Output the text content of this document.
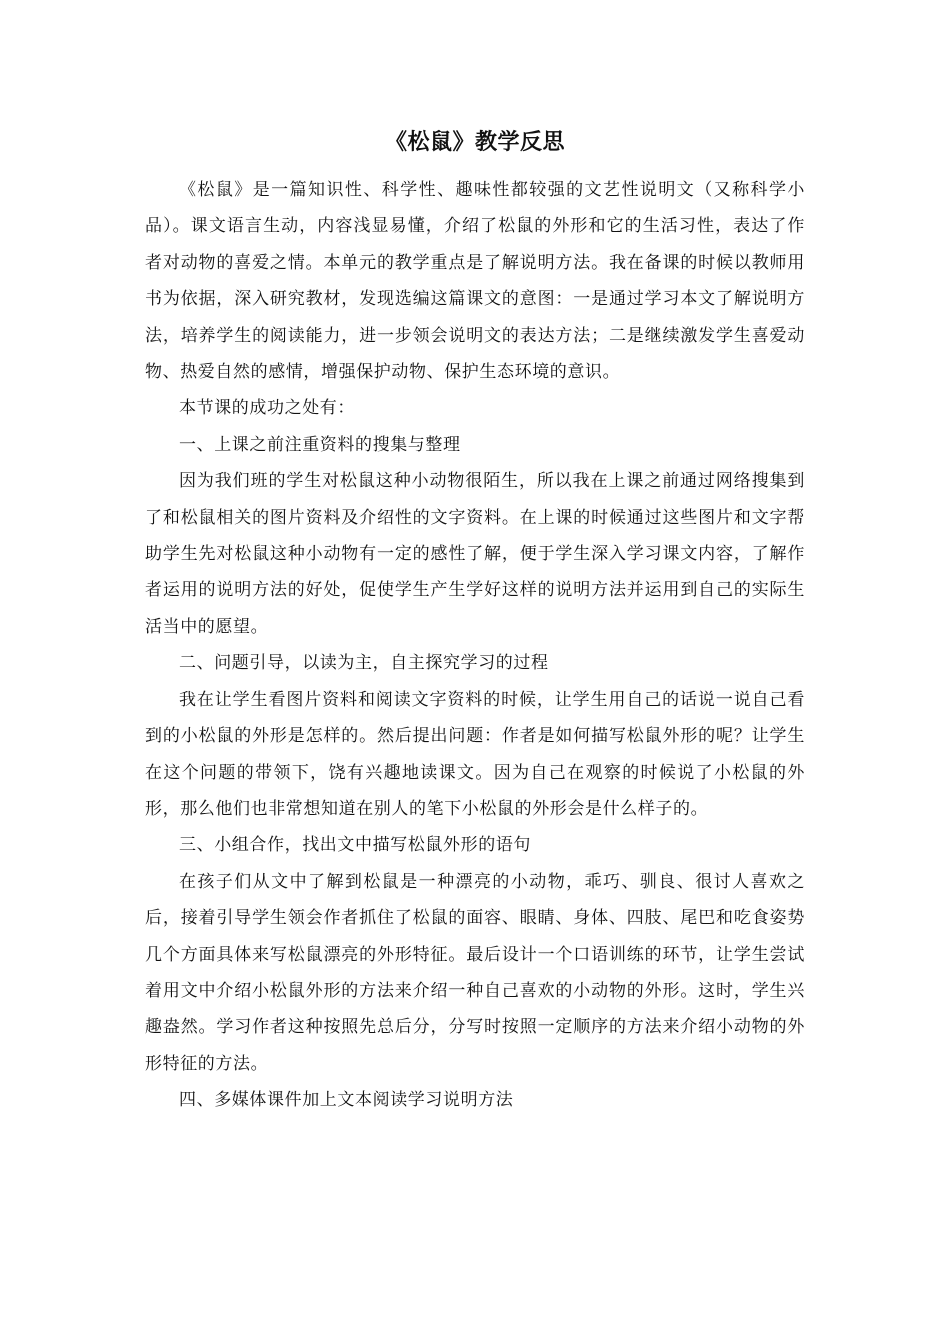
《松鼠》教学反思

《松鼠》是一篇知识性、科学性、趣味性都较强的文艺性说明文（又称科学小品）。课文语言生动，内容浅显易懂，介绍了松鼠的外形和它的生活习性，表达了作者对动物的喜爱之情。本单元的教学重点是了解说明方法。我在备课的时候以教师用书为依据，深入研究教材，发现选编这篇课文的意图：一是通过学习本文了解说明方法，培养学生的阅读能力，进一步领会说明文的表达方法；二是继续激发学生喜爱动物、热爱自然的感情，增强保护动物、保护生态环境的意识。

本节课的成功之处有：

一、上课之前注重资料的搜集与整理

因为我们班的学生对松鼠这种小动物很陌生，所以我在上课之前通过网络搜集到了和松鼠相关的图片资料及介绍性的文字资料。在上课的时候通过这些图片和文字帮助学生先对松鼠这种小动物有一定的感性了解，便于学生深入学习课文内容，了解作者运用的说明方法的好处，促使学生产生学好这样的说明方法并运用到自己的实际生活当中的愿望。

二、问题引导，以读为主，自主探究学习的过程

我在让学生看图片资料和阅读文字资料的时候，让学生用自己的话说一说自己看到的小松鼠的外形是怎样的。然后提出问题：作者是如何描写松鼠外形的呢？让学生在这个问题的带领下，饶有兴趣地读课文。因为自己在观察的时候说了小松鼠的外形，那么他们也非常想知道在别人的笔下小松鼠的外形会是什么样子的。

三、小组合作，找出文中描写松鼠外形的语句

在孩子们从文中了解到松鼠是一种漂亮的小动物，乖巧、驯良、很讨人喜欢之后，接着引导学生领会作者抓住了松鼠的面容、眼睛、身体、四肢、尾巴和吃食姿势几个方面具体来写松鼠漂亮的外形特征。最后设计一个口语训练的环节，让学生尝试着用文中介绍小松鼠外形的方法来介绍一种自己喜欢的小动物的外形。这时，学生兴趣盎然。学习作者这种按照先总后分，分写时按照一定顺序的方法来介绍小动物的外形特征的方法。

四、多媒体课件加上文本阅读学习说明方法
